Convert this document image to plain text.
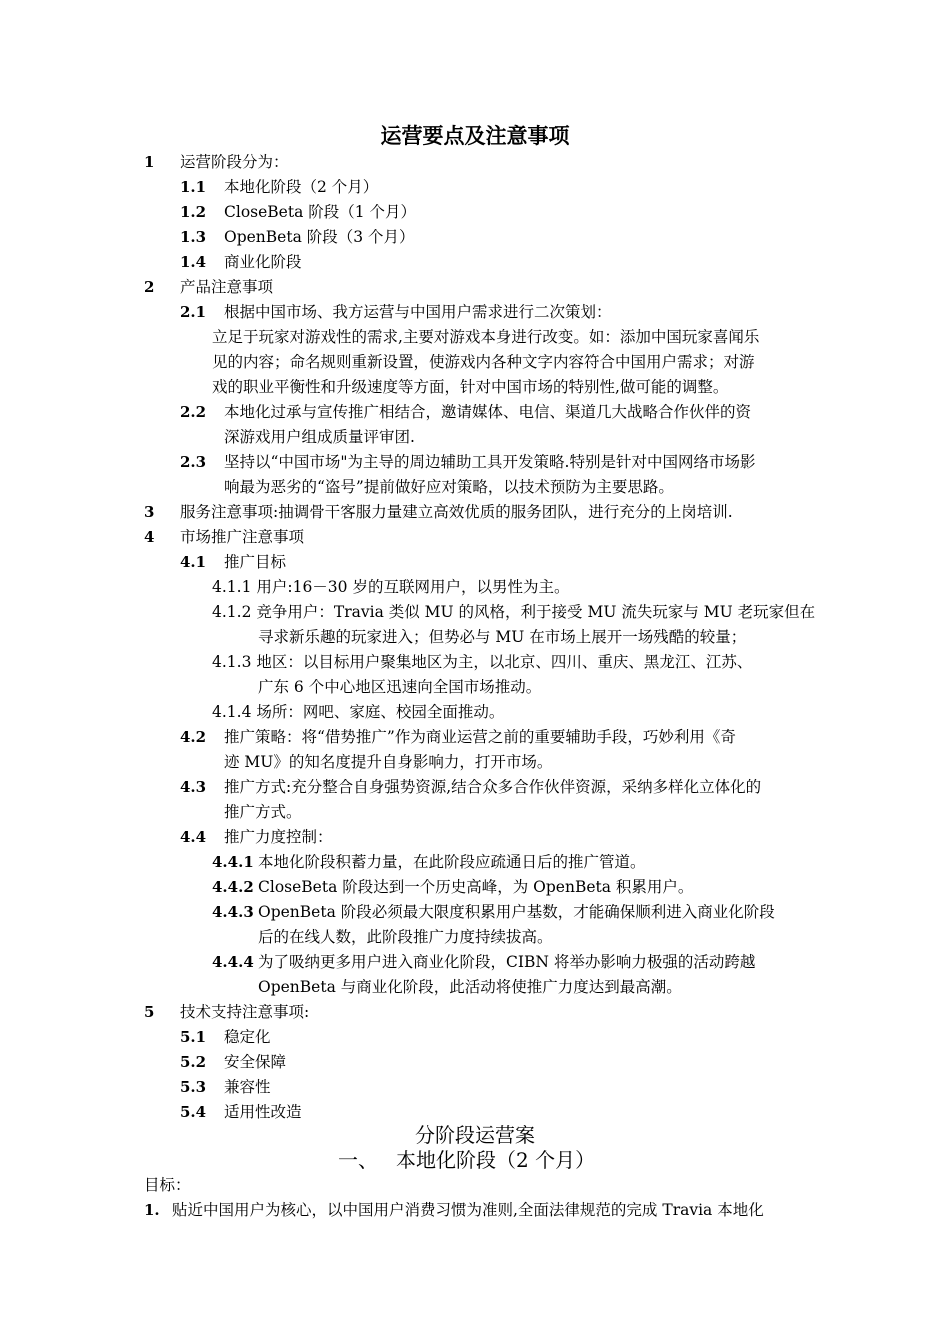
运营要点及注意事项
1 运营阶段分为：
1.1 本地化阶段（2 个月）
1.2 CloseBeta 阶段（1 个月）
1.3 OpenBeta 阶段（3 个月）
1.4 商业化阶段
2 产品注意事项
2.1 根据中国市场、我方运营与中国用户需求进行二次策划：
立足于玩家对游戏性的需求,主要对游戏本身进行改变。如：添加中国玩家喜闻乐
见的内容；命名规则重新设置，使游戏内各种文字内容符合中国用户需求；对游
戏的职业平衡性和升级速度等方面，针对中国市场的特别性,做可能的调整。
2.2 本地化过承与宣传推广相结合，邀请媒体、电信、渠道几大战略合作伙伴的资
深游戏用户组成质量评审团.
2.3 坚持以“中国市场"为主导的周边辅助工具开发策略.特别是针对中国网络市场影
响最为恶劣的“盗号”提前做好应对策略，以技术预防为主要思路。
3 服务注意事项:抽调骨干客服力量建立高效优质的服务团队，进行充分的上岗培训.
4 市场推广注意事项
4.1 推广目标
4.1.1 用户:16－30 岁的互联网用户，以男性为主。
4.1.2 竞争用户：Travia 类似 MU 的风格，利于接受 MU 流失玩家与 MU 老玩家但在
寻求新乐趣的玩家进入；但势必与 MU 在市场上展开一场残酷的较量；
4.1.3 地区：以目标用户聚集地区为主，以北京、四川、重庆、黑龙江、江苏、
广东 6 个中心地区迅速向全国市场推动。
4.1.4 场所：网吧、家庭、校园全面推动。
4.2 推广策略：将“借势推广”作为商业运营之前的重要辅助手段，巧妙利用《奇
迹 MU》的知名度提升自身影响力，打开市场。
4.3 推广方式:充分整合自身强势资源,结合众多合作伙伴资源，采纳多样化立体化的
推广方式。
4.4 推广力度控制：
4.4.1 本地化阶段积蓄力量，在此阶段应疏通日后的推广管道。
4.4.2 CloseBeta 阶段达到一个历史高峰，为 OpenBeta 积累用户。
4.4.3 OpenBeta 阶段必须最大限度积累用户基数，才能确保顺利进入商业化阶段
后的在线人数，此阶段推广力度持续拔高。
4.4.4 为了吸纳更多用户进入商业化阶段，CIBN 将举办影响力极强的活动跨越
OpenBeta 与商业化阶段，此活动将使推广力度达到最高潮。
5 技术支持注意事项:
5.1 稳定化
5.2 安全保障
5.3 兼容性
5.4 适用性改造
分阶段运营案
一、 本地化阶段（2 个月）
目标：
1. 贴近中国用户为核心，以中国用户消费习惯为准则,全面法律规范的完成 Travia 本地化
